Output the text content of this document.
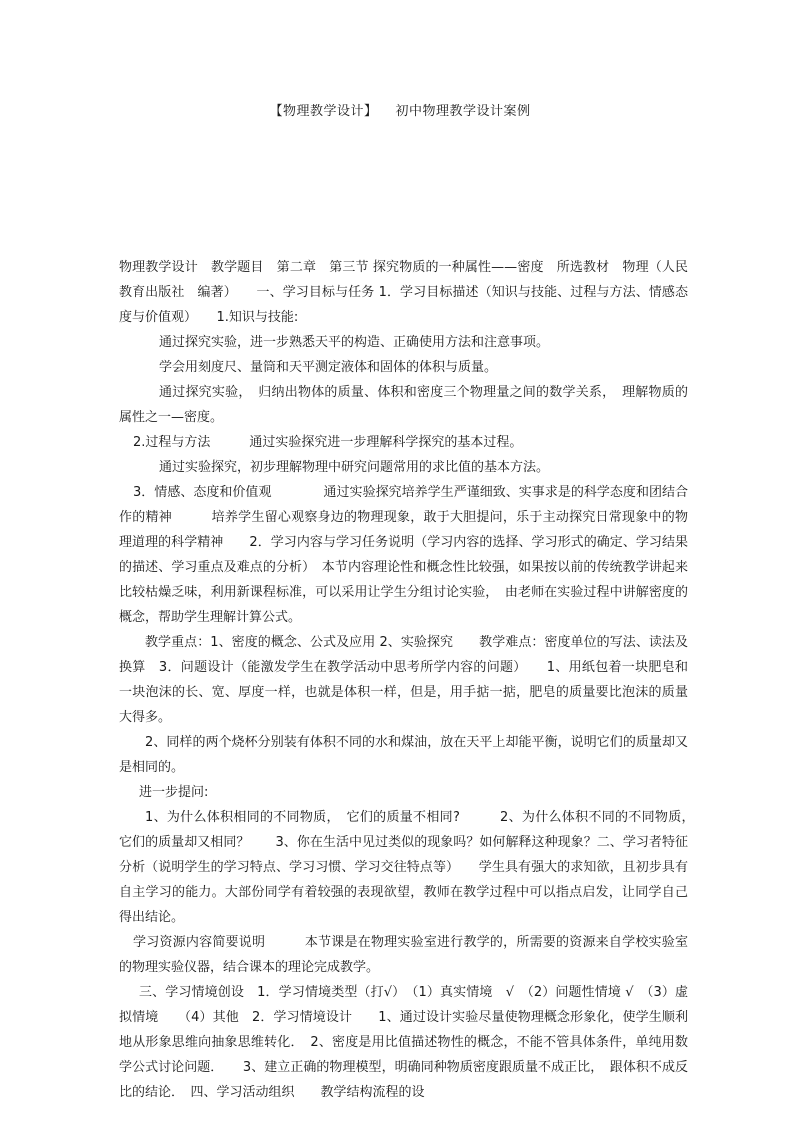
【物理教学设计】 初中物理教学设计案例

物理教学设计　教学题目　第二章　第三节 探究物质的一种属性——密度　所选教材　物理（人民教育出版社　编著）　　一、学习目标与任务 1．学习目标描述（知识与技能、过程与方法、情感态度与价值观）　　1.知识与技能:

通过探究实验，进一步熟悉天平的构造、正确使用方法和注意事项。

学会用刻度尺、量筒和天平测定液体和固体的体积与质量。

通过探究实验，　归纳出物体的质量、体积和密度三个物理量之间的数学关系，　理解物质的属性之一—密度。

2.过程与方法　　　通过实验探究进一步理解科学探究的基本过程。

通过实验探究，初步理解物理中研究问题常用的求比值的基本方法。

3．情感、态度和价值观　　　　通过实验探究培养学生严谨细致、实事求是的科学态度和团结合作的精神　　　培养学生留心观察身边的物理现象，敢于大胆提问，乐于主动探究日常现象中的物理道理的科学精神　　2．学习内容与学习任务说明（学习内容的选择、学习形式的确定、学习结果的描述、学习重点及难点的分析）　本节内容理论性和概念性比较强，如果按以前的传统教学讲起来比较枯燥乏味，利用新课程标准，可以采用让学生分组讨论实验，　由老师在实验过程中讲解密度的概念，帮助学生理解计算公式。

教学重点：1、密度的概念、公式及应用 2、实验探究　　教学难点：密度单位的写法、读法及换算　3．问题设计（能激发学生在教学活动中思考所学内容的问题）　　1、用纸包着一块肥皂和一块泡沫的长、宽、厚度一样，也就是体积一样，但是，用手掂一掂，肥皂的质量要比泡沫的质量大得多。

2、同样的两个烧杯分别装有体积不同的水和煤油，放在天平上却能平衡，说明它们的质量却又是相同的。

进一步提问:

1、为什么体积相同的不同物质，　它们的质量不相同?　　　2、为什么体积不同的不同物质，　它们的质量却又相同？　　3、你在生活中见过类似的现象吗？如何解释这种现象？二、学习者特征分析（说明学生的学习特点、学习习惯、学习交往特点等）　　学生具有强大的求知欲，且初步具有自主学习的能力。大部份同学有着较强的表现欲望，教师在教学过程中可以指点启发，让同学自己得出结论。

学习资源内容简要说明　　　本节课是在物理实验室进行教学的，所需要的资源来自学校实验室的物理实验仪器，结合课本的理论完成教学。

三、学习情境创设　1．学习情境类型（打√）　（1）真实情境　√　（2）问题性情境 √　（3）虚拟情境　　（4）其他　2．学习情境设计　　1、通过设计实验尽量使物理概念形象化，使学生顺利地从形象思维向抽象思维转化．　2、密度是用比值描述物性的概念，不能不管具体条件，单纯用数学公式讨论问题．　　3、建立正确的物理模型，明确同种物质密度跟质量不成正比，　跟体积不成反比的结论．　四、学习活动组织　　教学结构流程的设
